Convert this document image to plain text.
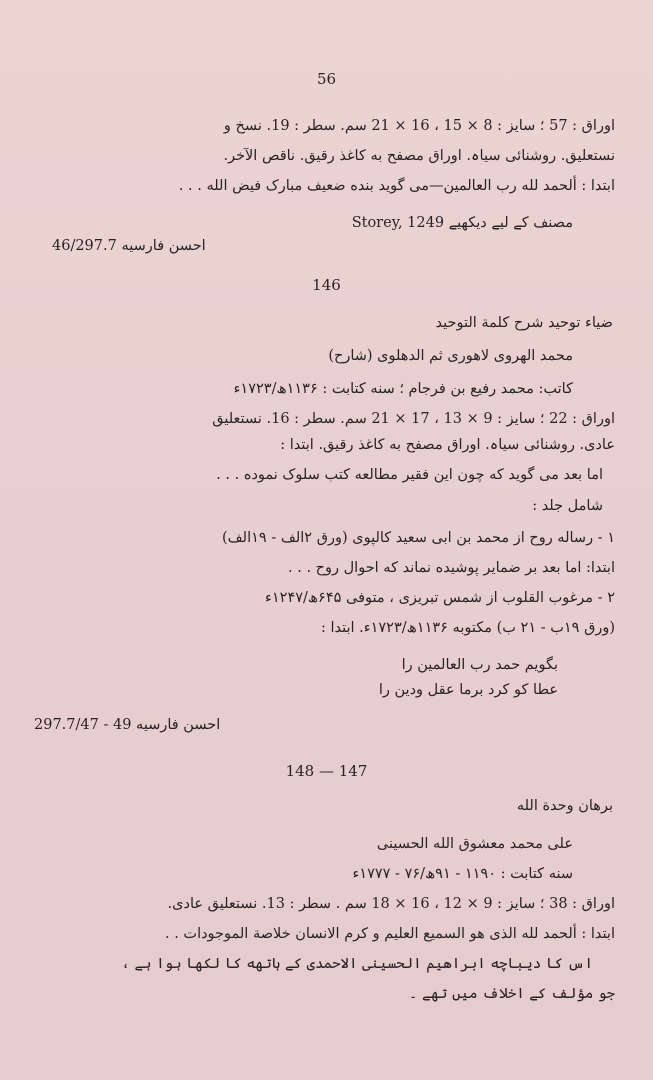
56
اوراق : 57 ؛ سایز : 8 × 15 ، 16 × 21 سم. سطر : 19. نسخ و
نستعلیق. روشنائی سیاہ. اوراق مصفح به کاغذ رقیق. ناقص الآخر.
ابتدا : ألحمد لله رب العالمین—می گوید بنده ضعیف مبارک فیض الله . . .
مصنف کے لیے دیکھیے Storey, 1249
احسن فارسیه 46/297.7
146
ضیاء توحید شرح کلمة التوحید
محمد الهروی لاهوری ثم الدهلوی (شارح)
کاتب: محمد رفیع بن فرجام ؛ سنه کتابت : ۱۱۳۶ھ/۱۷۲۳ء
اوراق : 22 ؛ سایز : 9 × 13 ، 17 × 21 سم. سطر : 16. نستعلیق
عادی. روشنائی سیاہ. اوراق مصفح به کاغذ رقیق. ابتدا :
اما بعد می گوید که چون این فقیر مطالعه کتب سلوک نموده . . .
شامل جلد :
۱ - رساله روح از محمد بن ابی سعید کالپوی (ورق ۲الف - ۱۹الف)
ابتدا: اما بعد بر ضمایر پوشیده نماند که احوال روح . . .
۲ - مرغوب القلوب از شمس تبریزی ، متوفی ۶۴۵ھ/۱۲۴۷ء
(ورق ۱۹ب - ۲۱ ب) مکتوبه ۱۱۳۶ھ/۱۷۲۳ء. ابتدا :
بگویم حمد رب العالمین را
عطا کو کرد برما عقل ودین را
احسن فارسیه 49 - 297.7/47
148 — 147
برهان وحدة الله
علی محمد معشوق الله الحسینی
سنه کتابت : ۱۱۹۰ - ۹۱ھ/۷۶ - ۱۷۷۷ء
اوراق : 38 ؛ سایز : 9 × 12 ، 16 × 18 سم . سطر : 13. نستعلیق عادی.
ابتدا : ألحمد لله الذی هو السمیع العلیم و کرم الانسان خلاصة الموجودات . .
اس کا دیباچه ابراهیم الحسینی الاحمدی کے ہاتھه کا لکھا ہوا ہے ،
جو مؤلف کے اخلاف میں تھے ۔
